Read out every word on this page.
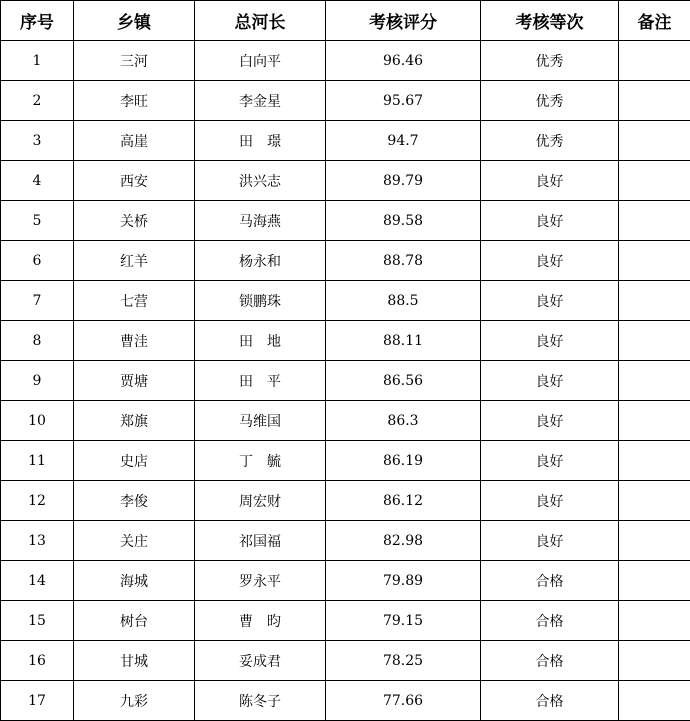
序号	乡镇	总河长	考核评分	考核等次	备注
1	三河	白向平	96.46	优秀	
2	李旺	李金星	95.67	优秀	
3	高崖	田　璟	94.7	优秀	
4	西安	洪兴志	89.79	良好	
5	关桥	马海燕	89.58	良好	
6	红羊	杨永和	88.78	良好	
7	七营	锁鹏珠	88.5	良好	
8	曹洼	田　地	88.11	良好	
9	贾塘	田　平	86.56	良好	
10	郑旗	马维国	86.3	良好	
11	史店	丁　毓	86.19	良好	
12	李俊	周宏财	86.12	良好	
13	关庄	祁国福	82.98	良好	
14	海城	罗永平	79.89	合格	
15	树台	曹　昀	79.15	合格	
16	甘城	妥成君	78.25	合格	
17	九彩	陈冬子	77.66	合格	
